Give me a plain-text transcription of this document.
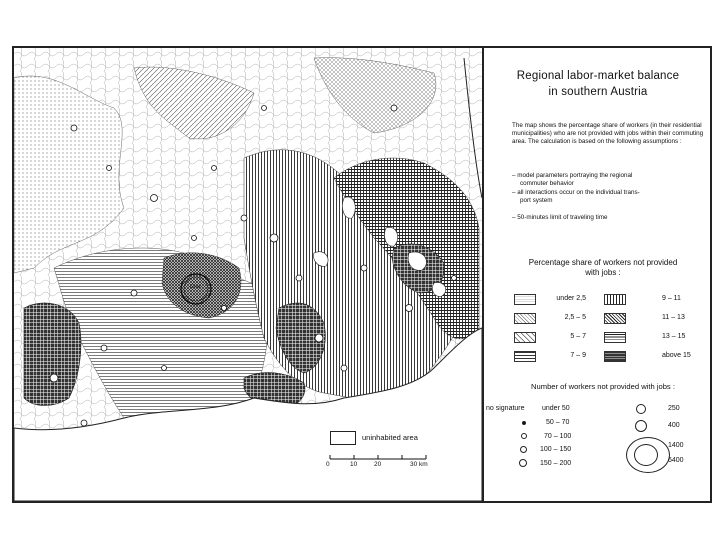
Graz
uninhabited area
0	10	20	30 km
Regional labor-market balance
in southern Austria
The map shows the percentage share of workers (in their residential municipalities) who are not provided with jobs within their commuting area. The calculation is based on the following assumptions :
– model parameters portraying the regional
commuter behavior
– all interactions occur on the individual trans-
port system
– 50-minutes limit of traveling time
Percentage share of workers not provided
with jobs :
under 2,5
2,5 – 5
5 – 7
7 – 9
9 – 11
11 – 13
13 – 15
above 15
Number of workers not provided with jobs :
no signature under 50
50 – 70
70 – 100
100 – 150
150 – 200
250
400
1400
6400
